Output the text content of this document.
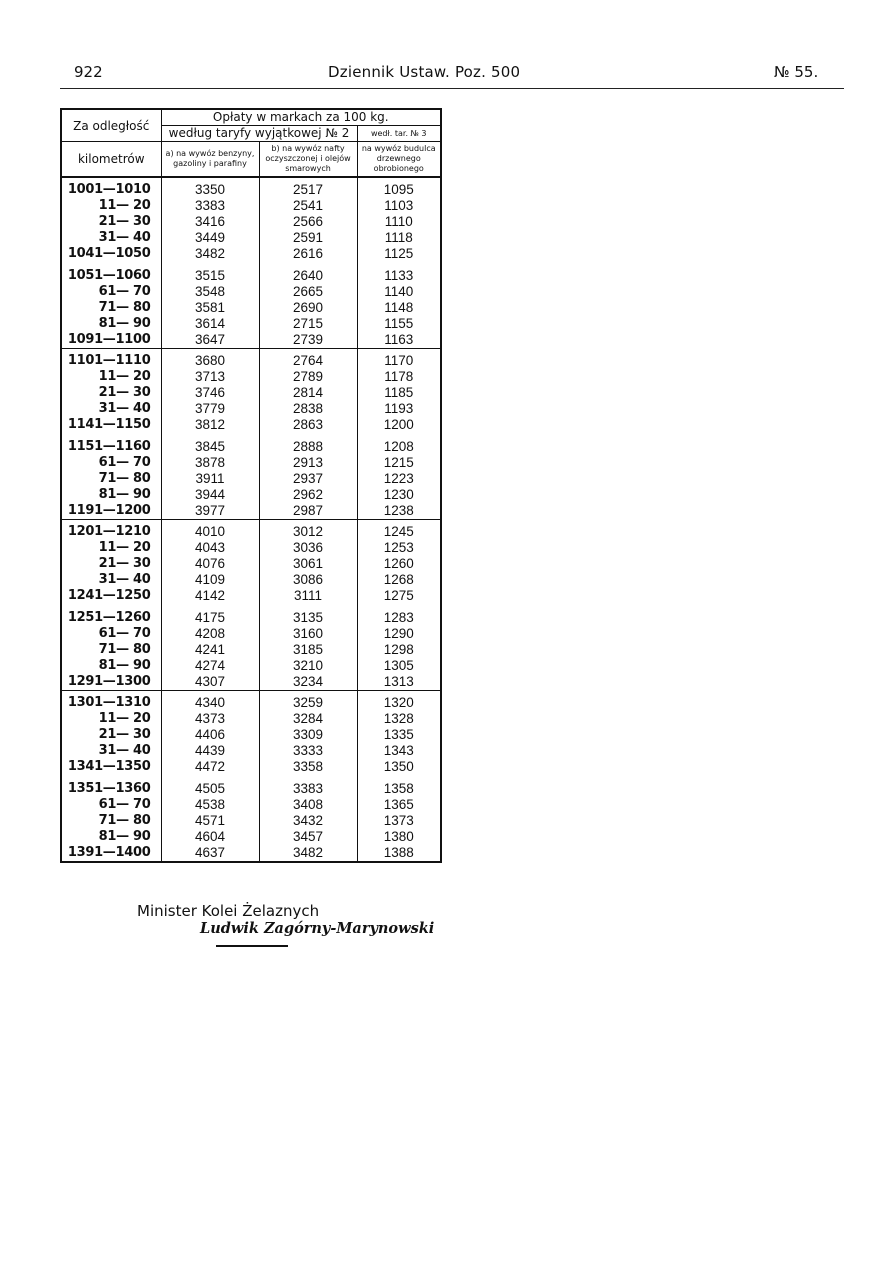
922	Dziennik Ustaw. Poz. 500	№ 55.
Za odległość	Opłaty w markach za 100 kg.		
	według taryfy wyjątkowej № 2		wedł. tar. № 3
kilometrów	a) na wywóz benzyny, gazoliny i parafiny	b) na wywóz nafty oczyszczonej i olejów smarowych	na wywóz budulca drzewnego obrobionego
1001—1010	3350	2517	1095
11— 20	3383	2541	1103
21— 30	3416	2566	1110
31— 40	3449	2591	1118
1041—1050	3482	2616	1125
1051—1060	3515	2640	1133
61— 70	3548	2665	1140
71— 80	3581	2690	1148
81— 90	3614	2715	1155
1091—1100	3647	2739	1163
1101—1110	3680	2764	1170
11— 20	3713	2789	1178
21— 30	3746	2814	1185
31— 40	3779	2838	1193
1141—1150	3812	2863	1200
1151—1160	3845	2888	1208
61— 70	3878	2913	1215
71— 80	3911	2937	1223
81— 90	3944	2962	1230
1191—1200	3977	2987	1238
1201—1210	4010	3012	1245
11— 20	4043	3036	1253
21— 30	4076	3061	1260
31— 40	4109	3086	1268
1241—1250	4142	3111	1275
1251—1260	4175	3135	1283
61— 70	4208	3160	1290
71— 80	4241	3185	1298
81— 90	4274	3210	1305
1291—1300	4307	3234	1313
1301—1310	4340	3259	1320
11— 20	4373	3284	1328
21— 30	4406	3309	1335
31— 40	4439	3333	1343
1341—1350	4472	3358	1350
1351—1360	4505	3383	1358
61— 70	4538	3408	1365
71— 80	4571	3432	1373
81— 90	4604	3457	1380
1391—1400	4637	3482	1388
Minister Kolei Żelaznych
Ludwik Zagórny-Marynowski
